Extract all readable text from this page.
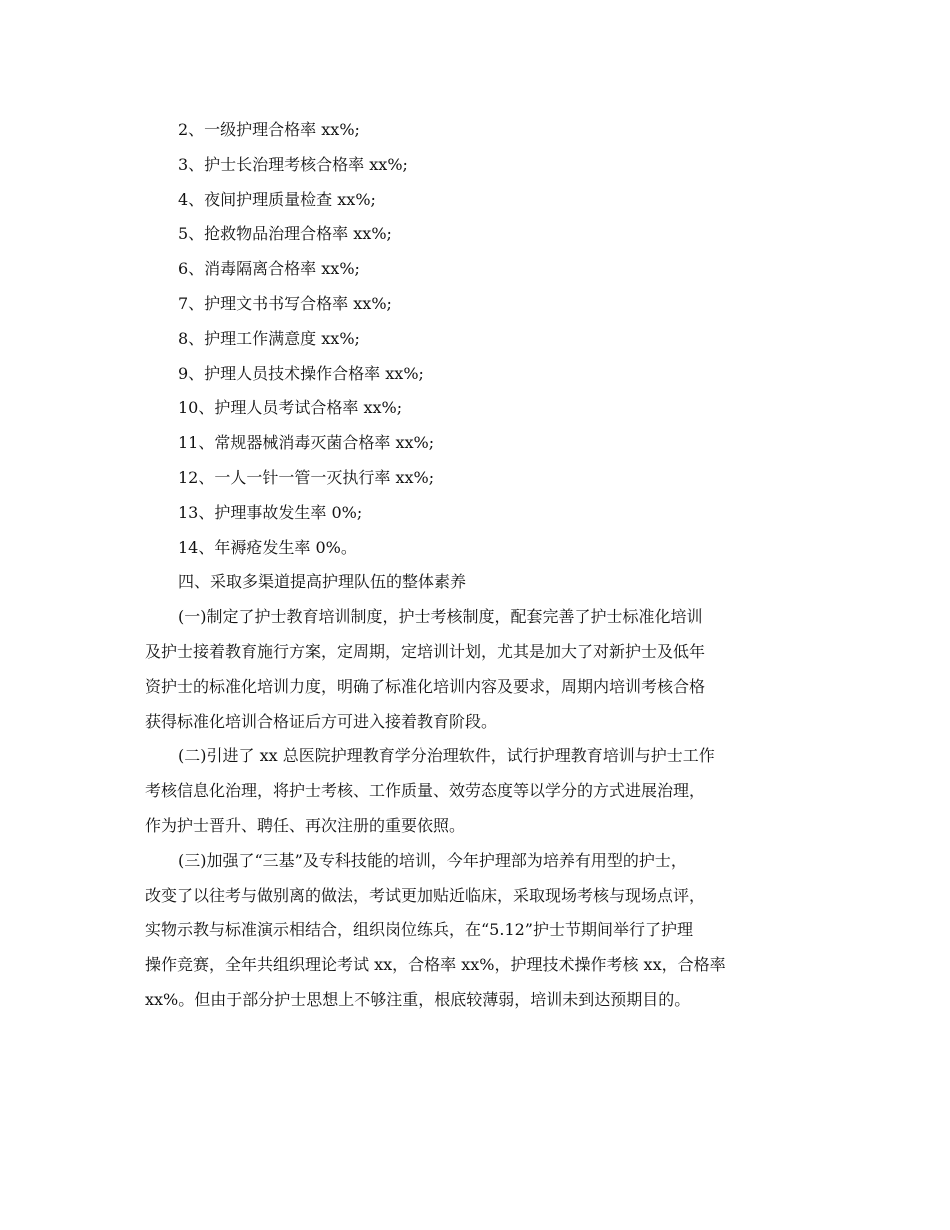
2、一级护理合格率 xx%;
3、护士长治理考核合格率 xx%;
4、夜间护理质量检查 xx%;
5、抢救物品治理合格率 xx%;
6、消毒隔离合格率 xx%;
7、护理文书书写合格率 xx%;
8、护理工作满意度 xx%;
9、护理人员技术操作合格率 xx%;
10、护理人员考试合格率 xx%;
11、常规器械消毒灭菌合格率 xx%;
12、一人一针一管一灭执行率 xx%;
13、护理事故发生率 0%;
14、年褥疮发生率 0%。
四、采取多渠道提高护理队伍的整体素养
(一)制定了护士教育培训制度，护士考核制度，配套完善了护士标准化培训
及护士接着教育施行方案，定周期，定培训计划，尤其是加大了对新护士及低年
资护士的标准化培训力度，明确了标准化培训内容及要求，周期内培训考核合格
获得标准化培训合格证后方可进入接着教育阶段。
(二)引进了 xx 总医院护理教育学分治理软件，试行护理教育培训与护士工作
考核信息化治理，将护士考核、工作质量、效劳态度等以学分的方式进展治理，
作为护士晋升、聘任、再次注册的重要依照。
(三)加强了“三基”及专科技能的培训，今年护理部为培养有用型的护士，
改变了以往考与做别离的做法，考试更加贴近临床，采取现场考核与现场点评，
实物示教与标准演示相结合，组织岗位练兵，在“5.12”护士节期间举行了护理
操作竞赛，全年共组织理论考试 xx，合格率 xx%，护理技术操作考核 xx，合格率
xx%。但由于部分护士思想上不够注重，根底较薄弱，培训未到达预期目的。
